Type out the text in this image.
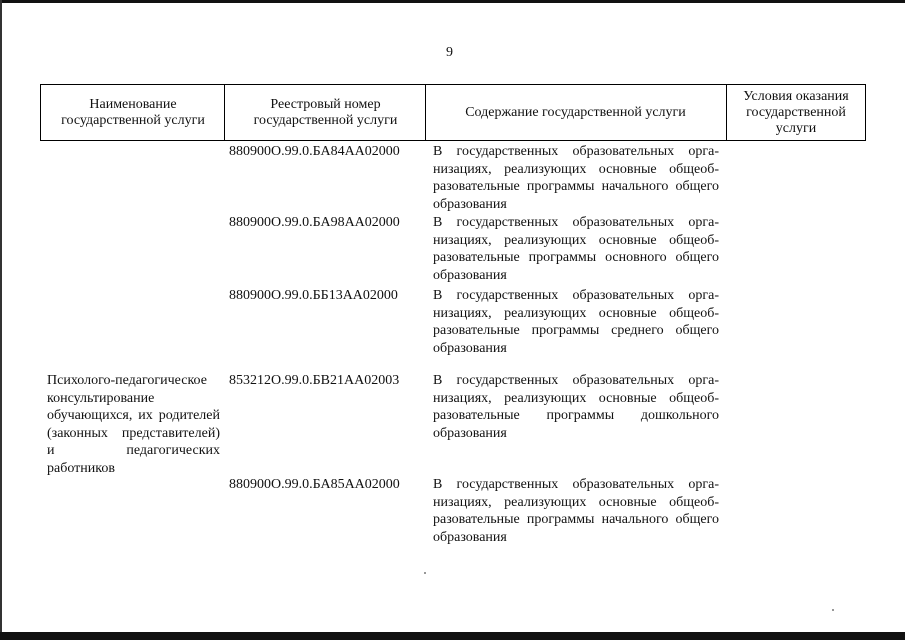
9
Наименование государственной услуги
Реестровый номер государственной услуги
Содержание государственной услуги
Условия оказания государственной услуги
880900О.99.0.БА84АА02000 В государственных образовательных организациях, реализующих основные общеобразовательные программы начального общего образования
880900О.99.0.БА98АА02000 В государственных образовательных организациях, реализующих основные общеобразовательные программы основного общего образования
880900О.99.0.ББ13АА02000	В государственных образовательных организациях, реализующих основные общеобразовательные программы среднего общего образования
Психолого-педагогическое консультирование обучающихся, их родителей (законных представителей) и педагогических работников
853212О.99.0.БВ21АА02003 В государственных образовательных организациях, реализующих основные общеобразовательные программы дошкольного образования
880900О.99.0.БА85АА02000 В государственных образовательных организациях, реализующих основные общеобразовательные программы начального общего образования
